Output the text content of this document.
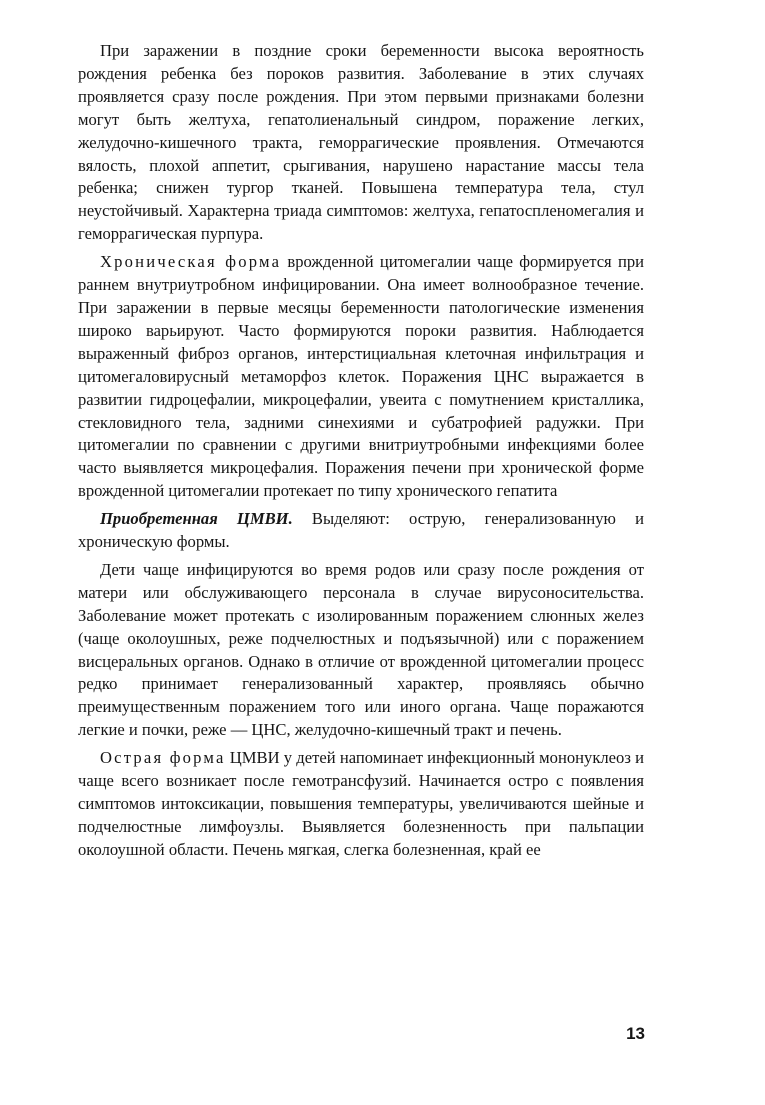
При заражении в поздние сроки беременности высока вероятность рождения ребенка без пороков развития. Заболевание в этих случаях проявляется сразу после рождения. При этом первыми признаками болезни могут быть желтуха, гепатолиенальный синдром, поражение легких, желудочно-кишечного тракта, геморрагические проявления. Отмечаются вялость, плохой аппетит, срыгивания, нарушено нарастание массы тела ребенка; снижен тургор тканей. Повышена температура тела, стул неустойчивый. Характерна триада симптомов: желтуха, гепатоспленомегалия и геморрагическая пурпура.

Хроническая форма врожденной цитомегалии чаще формируется при раннем внутриутробном инфицировании. Она имеет волнообразное течение. При заражении в первые месяцы беременности патологические изменения широко варьируют. Часто формируются пороки развития. Наблюдается выраженный фиброз органов, интерстициальная клеточная инфильтрация и цитомегаловирусный метаморфоз клеток. Поражения ЦНС выражается в развитии гидроцефалии, микроцефалии, увеита с помутнением кристаллика, стекловидного тела, задними синехиями и субатрофией радужки. При цитомегалии по сравнении с другими внитриутробными инфекциями более часто выявляется микроцефалия. Поражения печени при хронической форме врожденной цитомегалии протекает по типу хронического гепатита

Приобретенная ЦМВИ. Выделяют: острую, генерализованную и хроническую формы.

Дети чаще инфицируются во время родов или сразу после рождения от матери или обслуживающего персонала в случае вирусоносительства. Заболевание может протекать с изолированным поражением слюнных желез (чаще околоушных, реже подчелюстных и подъязычной) или с поражением висцеральных органов. Однако в отличие от врожденной цитомегалии процесс редко принимает генерализованный характер, проявляясь обычно преимущественным поражением того или иного органа. Чаще поражаются легкие и почки, реже — ЦНС, желудочно-кишечный тракт и печень.

Острая форма ЦМВИ у детей напоминает инфекционный мононуклеоз и чаще всего возникает после гемотрансфузий. Начинается остро с появления симптомов интоксикации, повышения температуры, увеличиваются шейные и подчелюстные лимфоузлы. Выявляется болезненность при пальпации околоушной области. Печень мягкая, слегка болезненная, край ее

13
